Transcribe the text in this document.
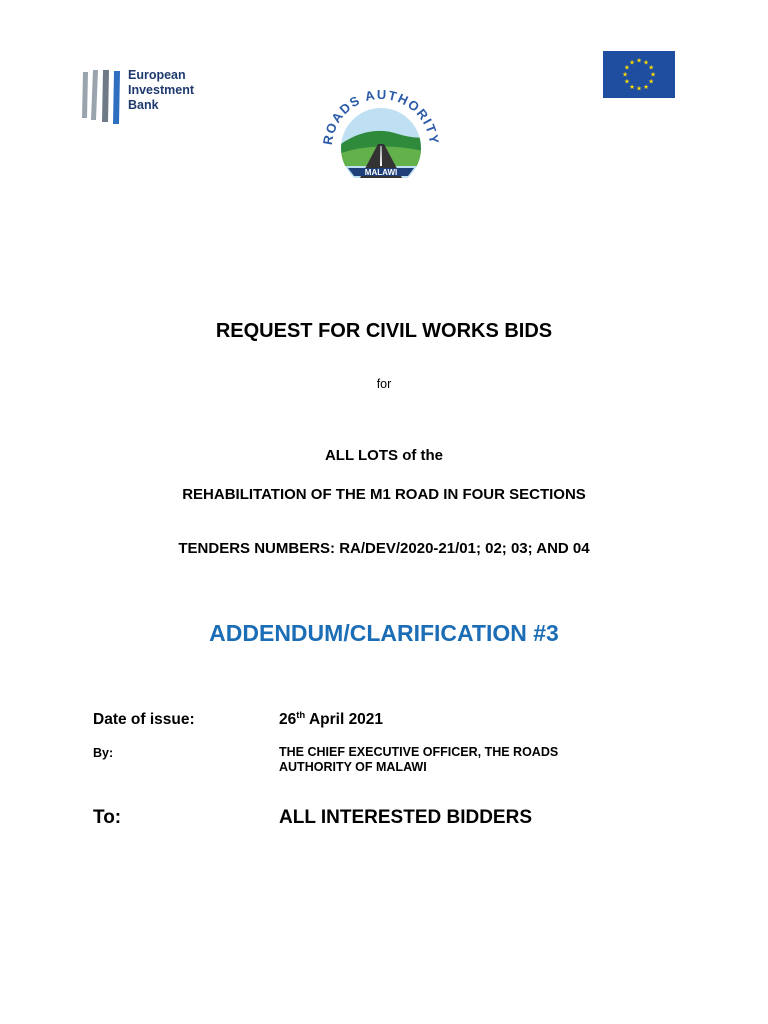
European
Investment
Bank
ROADS AUTHORITY
MALAWI
★ ★
★
★
★
★
★
★
★
★
★
★
REQUEST FOR CIVIL WORKS BIDS
for
ALL LOTS of the
REHABILITATION OF THE M1 ROAD IN FOUR SECTIONS
TENDERS NUMBERS: RA/DEV/2020-21/01; 02; 03; AND 04
ADDENDUM/CLARIFICATION #3
Date of issue:	26th April 2021
By:	THE CHIEF EXECUTIVE OFFICER, THE ROADS
AUTHORITY OF MALAWI
To:	ALL INTERESTED BIDDERS
